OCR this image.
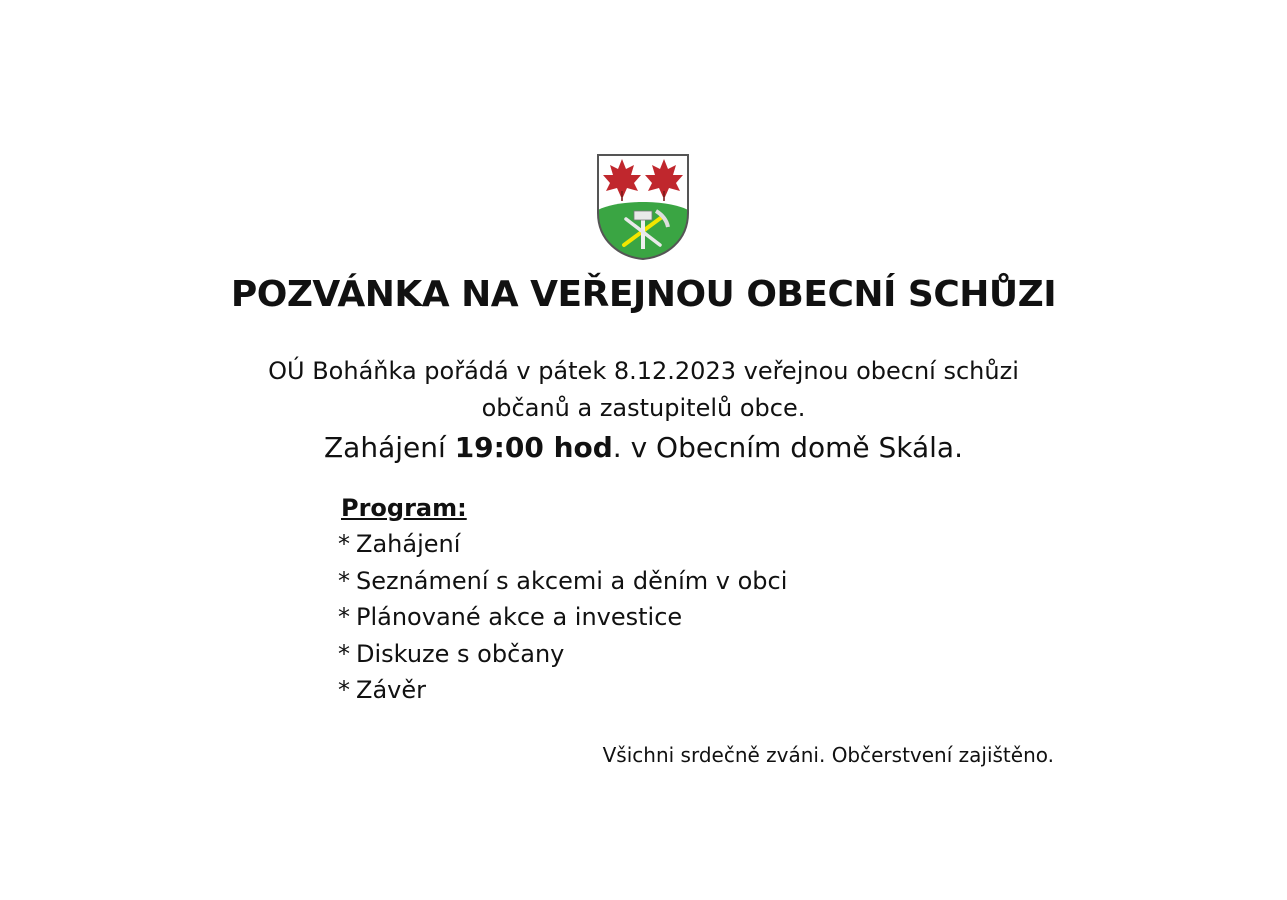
POZVÁNKA NA VEŘEJNOU OBECNÍ SCHŮZI
OÚ Boháňka pořádá v pátek 8.12.2023 veřejnou obecní schůzi
občanů a zastupitelů obce.
Zahájení 19:00 hod. v Obecním domě Skála.
Program:
* Zahájení
* Seznámení s akcemi a děním v obci
* Plánované akce a investice
* Diskuze s občany
* Závěr
Všichni srdečně zváni. Občerstvení zajištěno.
